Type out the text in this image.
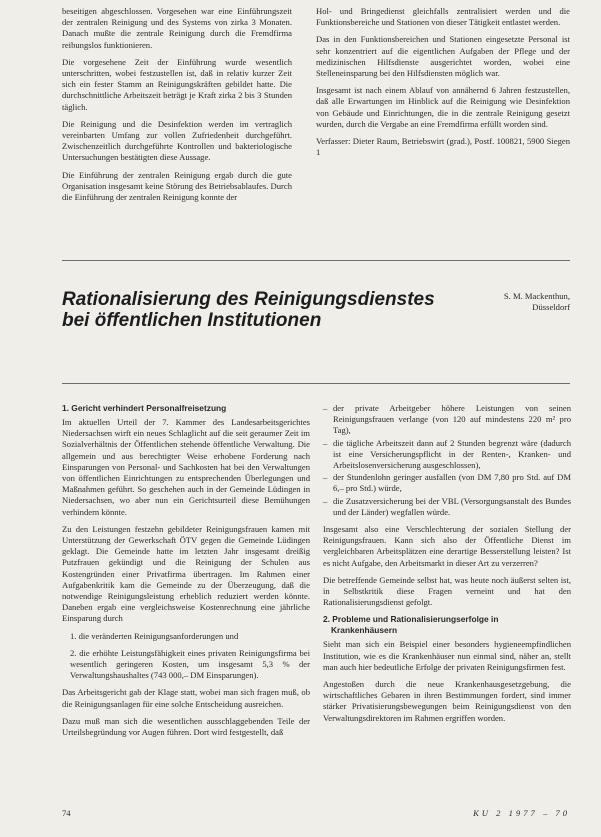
beseitigen abgeschlossen. Vorgesehen war eine Einführungszeit der zentralen Reinigung und des Systems von zirka 3 Monaten. Danach mußte die zentrale Reinigung durch die Fremdfirma reibungslos funktionieren.

Die vorgesehene Zeit der Einführung wurde wesentlich unterschritten, wobei festzustellen ist, daß in relativ kurzer Zeit sich ein fester Stamm an Reinigungskräften gebildet hatte. Die durchschnittliche Arbeitszeit beträgt je Kraft zirka 2 bis 3 Stunden täglich.

Die Reinigung und die Desinfektion werden im vertraglich vereinbarten Umfang zur vollen Zufriedenheit durchgeführt. Zwischenzeitlich durchgeführte Kontrollen und bakteriologische Untersuchungen bestätigten diese Aussage.

Die Einführung der zentralen Reinigung ergab durch die gute Organisation insgesamt keine Störung des Betriebsablaufes. Durch die Einführung der zentralen Reinigung konnte der

Hol- und Bringedienst gleichfalls zentralisiert werden und die Funktionsbereiche und Stationen von dieser Tätigkeit entlastet werden.

Das in den Funktionsbereichen und Stationen eingesetzte Personal ist sehr konzentriert auf die eigentlichen Aufgaben der Pflege und der medizinischen Hilfsdienste ausgerichtet worden, wobei eine Stelleneinsparung bei den Hilfsdiensten möglich war.

Insgesamt ist nach einem Ablauf von annähernd 6 Jahren festzustellen, daß alle Erwartungen im Hinblick auf die Reinigung wie Desinfektion von Gebäude und Einrichtungen, die in die zentrale Reinigung gesetzt wurden, durch die Vergabe an eine Fremdfirma erfüllt worden sind.

Verfasser: Dieter Raum, Betriebswirt (grad.), Postf. 100821, 5900 Siegen 1

Rationalisierung des Reinigungsdienstes bei öffentlichen Institutionen
S. M. Mackenthun,
Düsseldorf
1. Gericht verhindert Personalfreisetzung

Im aktuellen Urteil der 7. Kammer des Landesarbeitsgerichtes Niedersachsen wirft ein neues Schlaglicht auf die seit geraumer Zeit im Sozialverhältnis der Öffentlichen stehende öffentliche Verwaltung. Die allgemein und aus berechtigter Weise erhobene Forderung nach Einsparungen von Personal- und Sachkosten hat bei den Verwaltungen von öffentlichen Einrichtungen zu entsprechenden Überlegungen und Maßnahmen geführt. So geschehen auch in der Gemeinde Lüdingen in Niedersachsen, wo aber nun ein Gerichtsurteil diese Bemühungen verhindern könnte.

Zu den Leistungen festzehn gebildeter Reinigungsfrauen kamen mit Unterstützung der Gewerkschaft ÖTV gegen die Gemeinde Lüdingen geklagt. Die Gemeinde hatte im letzten Jahr insgesamt dreißig Putzfrauen gekündigt und die Reinigung der Schulen aus Kostengründen einer Privatfirma übertragen. Im Rahmen einer Aufgabenkritik kam die Gemeinde zu der Überzeugung, daß die notwendige Reinigungsleistung erheblich reduziert werden könnte. Daneben ergab eine vergleichsweise Kostenrechnung eine jährliche Einsparung durch

1. die veränderten Reinigungsanforderungen und

2. die erhöhte Leistungsfähigkeit eines privaten Reinigungsfirma bei wesentlich geringeren Kosten, um insgesamt 5,3 % der Verwaltungshaushaltes (743 000,– DM Einsparungen).

Das Arbeitsgericht gab der Klage statt, wobei man sich fragen muß, ob die Reinigungsanlagen für eine solche Entscheidung ausreichen.

Dazu muß man sich die wesentlichen ausschlaggebenden Teile der Urteilsbegründung vor Augen führen. Dort wird festgestellt, daß

– der private Arbeitgeber höhere Leistungen von seinen Reinigungsfrauen verlange (von 120 auf mindestens 220 m² pro Tag),
– die tägliche Arbeitszeit dann auf 2 Stunden begrenzt wäre (dadurch ist eine Versicherungspflicht in der Renten-, Kranken- und Arbeitslosenversicherung ausgeschlossen),
– der Stundenlohn geringer ausfallen (von DM 7,80 pro Std. auf DM 6,– pro Std.) würde,
– die Zusatzversicherung bei der VBL (Versorgungsanstalt des Bundes und der Länder) wegfallen würde.

Insgesamt also eine Verschlechterung der sozialen Stellung der Reinigungsfrauen. Kann sich also der Öffentliche Dienst im vergleichbaren Arbeitsplätzen eine derartige Besserstellung leisten? Ist es nicht Aufgabe, den Arbeitsmarkt in dieser Art zu verzerren?

Die betreffende Gemeinde selbst hat, was heute noch äußerst selten ist, in Selbstkritik diese Fragen verneint und hat den Rationalisierungsdienst gefolgt.

2. Probleme und Rationalisierungserfolge in
Krankenhäusern

Sieht man sich ein Beispiel einer besonders hygieneempfindlichen Institution, wie es die Krankenhäuser nun einmal sind, näher an, stellt man auch hier bedeutliche Erfolge der privaten Reinigungsfirmen fest.

Angestoßen durch die neue Krankenhausgesetzgebung, die wirtschaftliches Gebaren in ihren Bestimmungen fordert, sind immer stärker Privatisierungsbewegungen beim Reinigungsdienst von den Verwaltungsdirektoren im Rahmen ergriffen worden.

74	KU 2 1977 ‒ 70
